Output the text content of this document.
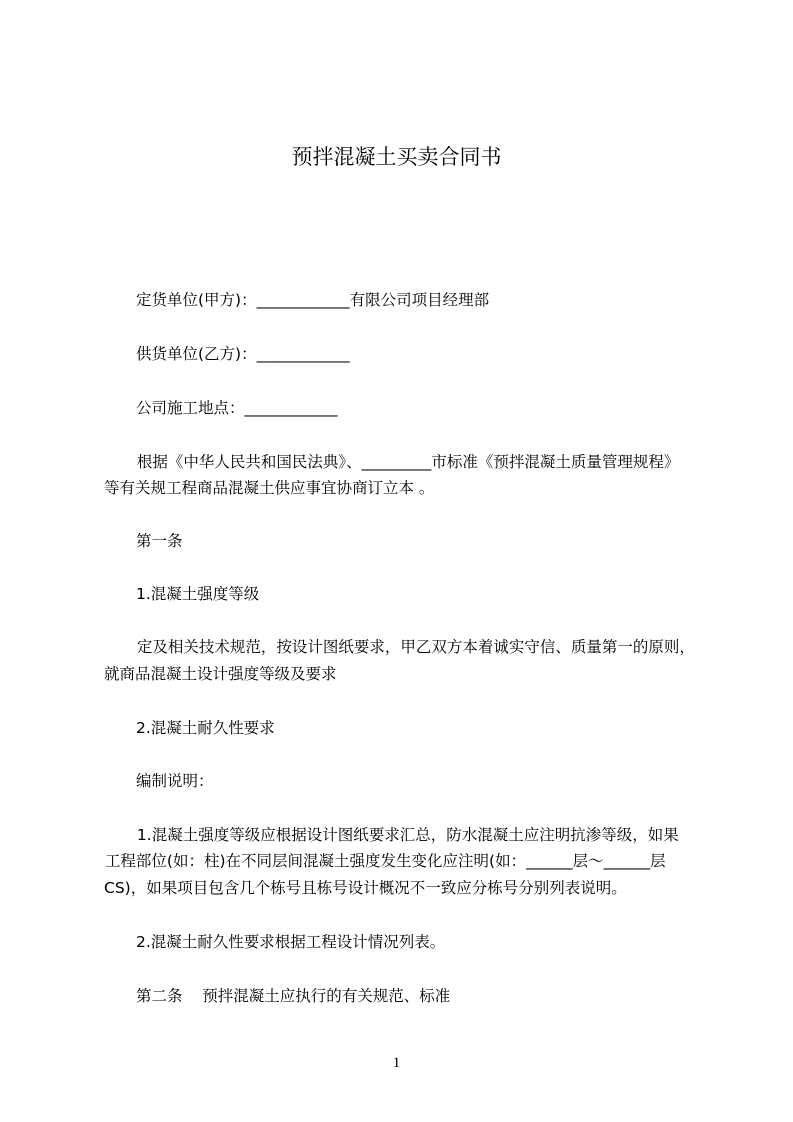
预拌混凝土买卖合同书
定货单位(甲方)：____________有限公司项目经理部
供货单位(乙方)：____________
公司施工地点：____________
根据《中华人民共和国民法典》、_________市标准《预拌混凝土质量管理规程》
等有关规工程商品混凝土供应事宜协商订立本 。
第一条
1.混凝土强度等级
定及相关技术规范，按设计图纸要求，甲乙双方本着诚实守信、质量第一的原则，
就商品混凝土设计强度等级及要求
2.混凝土耐久性要求
编制说明：
1.混凝土强度等级应根据设计图纸要求汇总，防水混凝土应注明抗渗等级，如果
工程部位(如：柱)在不同层间混凝土强度发生变化应注明(如：______层～______层
CS)，如果项目包含几个栋号且栋号设计概况不一致应分栋号分别列表说明。
2.混凝土耐久性要求根据工程设计情况列表。
第二条    预拌混凝土应执行的有关规范、标准
1
